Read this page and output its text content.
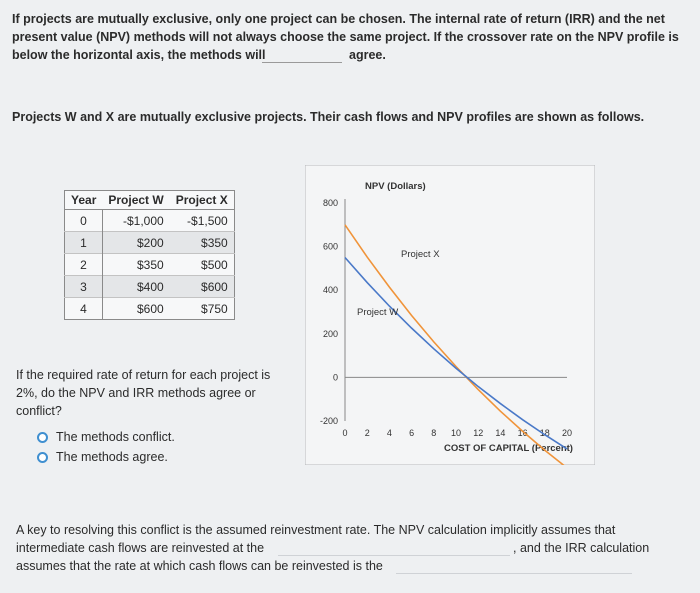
If projects are mutually exclusive, only one project can be chosen. The internal rate of return (IRR) and the net
present value (NPV) methods will not always choose the same project. If the crossover rate on the NPV profile is
below the horizontal axis, the methods will	agree.
Projects W and X are mutually exclusive projects. Their cash flows and NPV profiles are shown as follows.
Year	Project W	Project X
0	-$1,000	-$1,500
1	$200	$350
2	$350	$500
3	$400	$600
4	$600	$750
If the required rate of return for each project is
2%, do the NPV and IRR methods agree or
conflict?
The methods conflict.
The methods agree.
NPV (Dollars)
COST OF CAPITAL (Percent)
800
600
400
200
0
-200
0 2 4 6 8 10 12 14 16 18 20
Project X
Project W
A key to resolving this conflict is the assumed reinvestment rate. The NPV calculation implicitly assumes that
intermediate cash flows are reinvested at the	, and the IRR calculation
assumes that the rate at which cash flows can be reinvested is the
